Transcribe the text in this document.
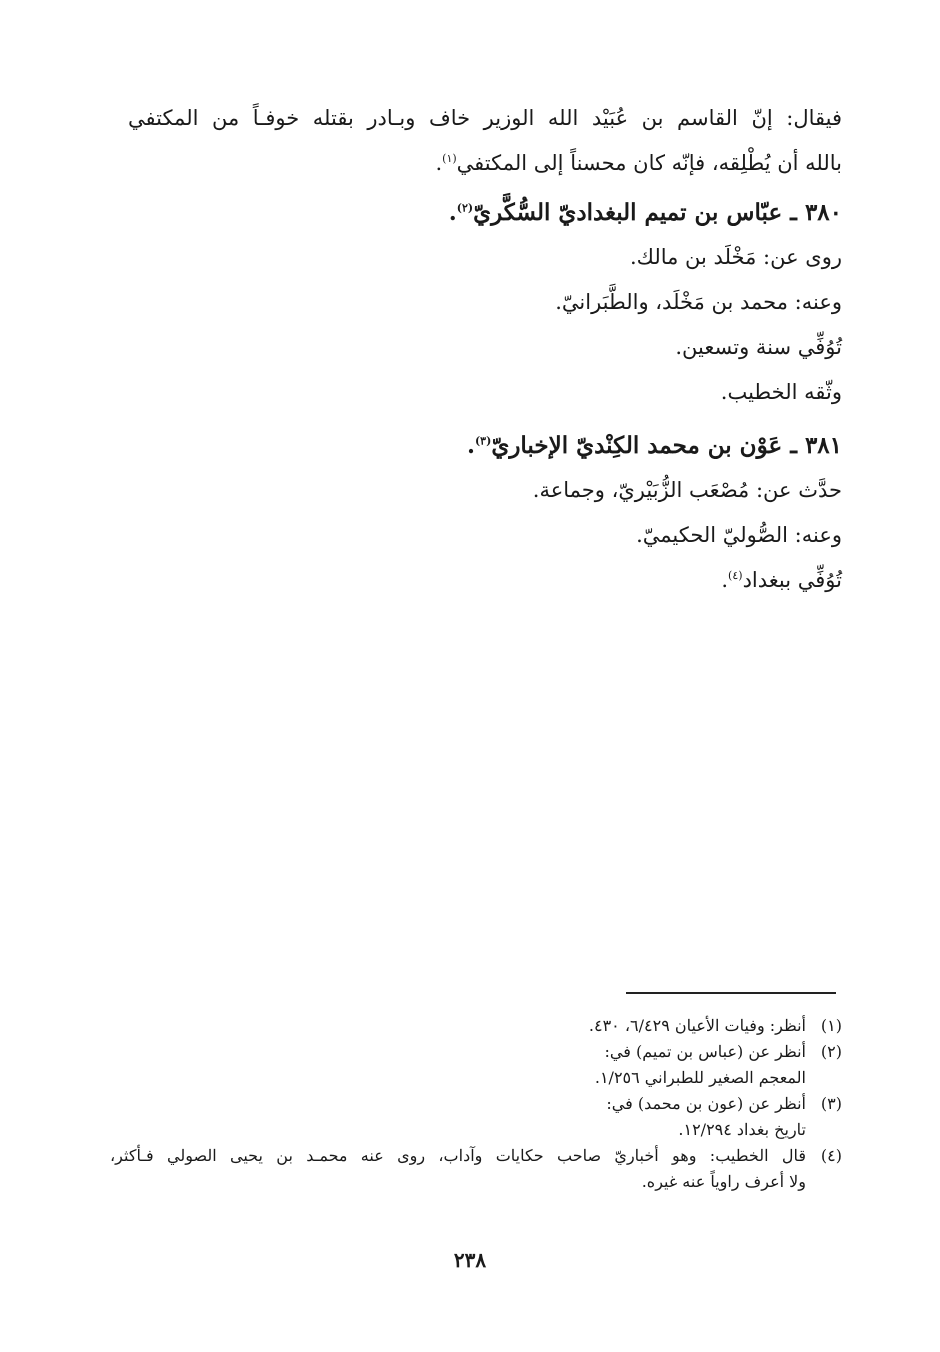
فيقال: إنّ القاسم بن عُبَيْد الله الوزير خاف وبـادر بقتله خوفـاً من المكتفي

بالله أن يُطْلِقه، فإنّه كان محسناً إلى المكتفي$^{(١)}$.

٣٨٠ ـ عبّاس بن تميم البغداديّ السُّكَّريّ$^{(٢)}$.

روى عن: مَخْلَد بن مالك.

وعنه: محمد بن مَخْلَد، والطَّبَرانيّ.

تُوُفِّي سنة وتسعين.

وثّقه الخطيب.

٣٨١ ـ عَوْن بن محمد الكِنْديّ الإخباريّ$^{(٣)}$.

حدَّث عن: مُصْعَب الزُّبَيْريّ، وجماعة.

وعنه: الصُّوليّ الحكيميّ.

تُوُفِّي ببغداد$^{(٤)}$.

(١)

أنظر: وفيات الأعيان ٦/٤٢٩، ٤٣٠.

(٢)

أنظر عن (عباس بن تميم) في:

المعجم الصغير للطبراني ١/٢٥٦.

(٣)

أنظر عن (عون بن محمد) في:

تاريخ بغداد ١٢/٢٩٤.

(٤)

قال الخطيب: وهو أخباريّ صاحب حكايات وآداب، روى عنه محمـد بن يحيى الصولي فـأكثر،

ولا أعرف راوياً عنه غيره.

٢٣٨
